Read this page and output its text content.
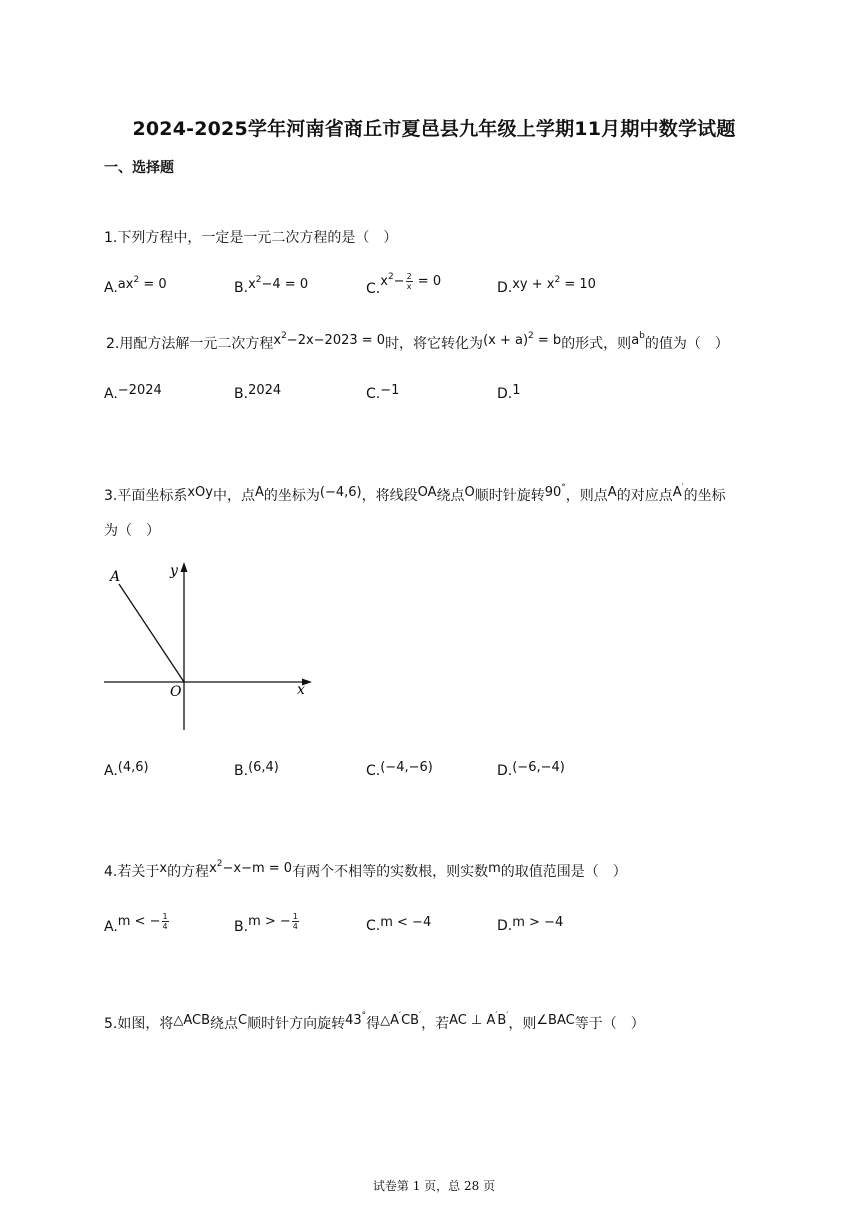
2024-2025学年河南省商丘市夏邑县九年级上学期11月期中数学试题
一、选择题
1.下列方程中，一定是一元二次方程的是（　）
$A.ax^2 = 0$	$B.x^2-4 = 0$	$C.x^2- \frac{2}{x} = 0$	$D.xy + x^2 = 10$
2.用配方法解一元二次方程$x^2-2x-2023 = 0$时，将它转化为$(x + a)^2 = b$的形式，则$a^b$的值为（　）
A.−2024	B.2024	C.−1	D.1
3.平面坐标系xOy中，点A的坐标为(−4,6)，将线段OA绕点O顺时针旋转90°，则点A的对应点A′的坐标
为（　）
A	y
O	x
A.(4,6)	B.(6,4)	C.(−4,−6)	D.(−6,−4)
4.若关于x的方程$x^2-x-m = 0$有两个不相等的实数根，则实数m的取值范围是（　）
A.m < − $\frac{1}{4}$	B.m > − $\frac{1}{4}$	C.m < −4	D.m > −4
5.如图，将△ACB绕点C顺时针方向旋转43°得△A′CB′，若AC ⊥ A′B′，则∠BAC等于（　）
试卷第 1 页，总 28 页
